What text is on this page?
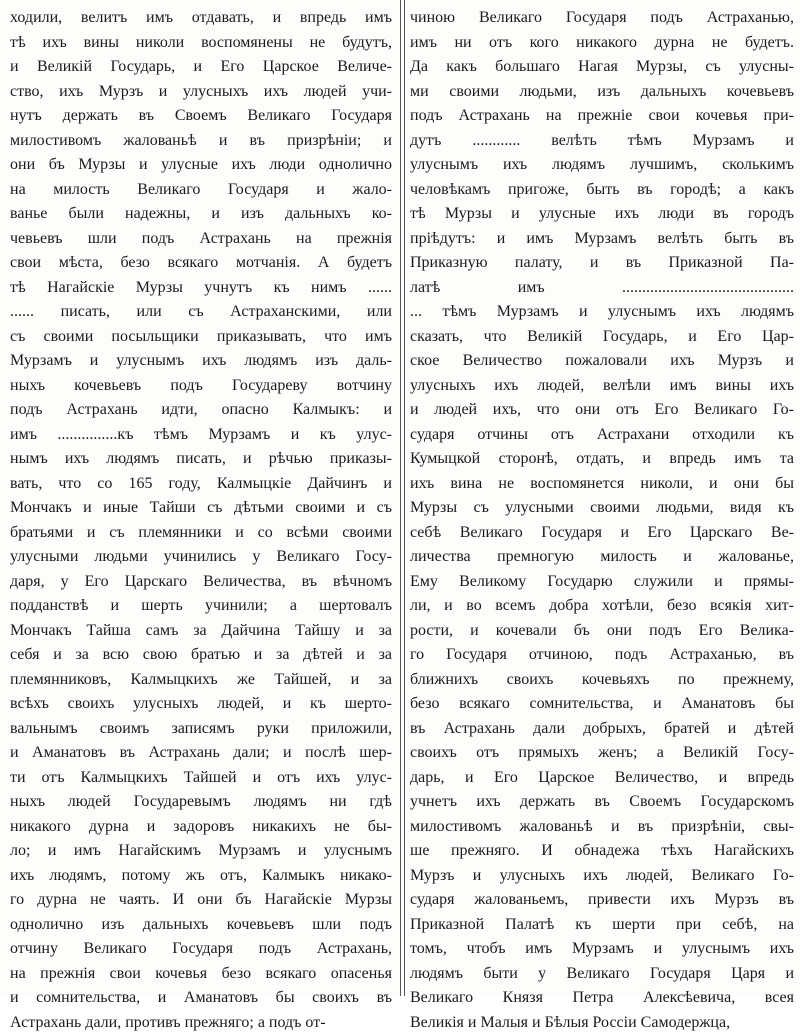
ходили, велитъ имъ отдавать, и впредь имъ
тѣ ихъ вины николи воспомянены не будутъ,
и Великій Государь, и Его Царское Величе-
ство, ихъ Мурзъ и улусныхъ ихъ людей учи-
нутъ держать въ Своемъ Великаго Государя
милостивомъ жалованьѣ и въ призрѣніи; и
они бъ Мурзы и улусные ихъ люди одноличнo
на милость Великаго Государя и жало-
ванье были надежны, и изъ дальныхъ ко-
чевьевъ шли подъ Астрахань на прежнія
свои мѣста, безо всякаго мотчанія. А будетъ
тѣ Нагайскіе Мурзы учнутъ къ нимъ ......
...... писать, или съ Астраханскими, или
съ своими посыльщики приказывать, что имъ
Мурзамъ и улуснымъ ихъ людямъ изъ даль-
ныхъ кочевьевъ подъ Государеву вотчину
подъ Астрахань идти, опасно Калмыкъ: и
имъ ...............къ тѣмъ Мурзамъ и къ улус-
нымъ ихъ людямъ писать, и рѣчью приказы-
вать, что со 165 году, Калмыцкіе Дайчинъ и
Мончакъ и иные Тайши съ дѣтьми своими и съ
братьями и съ племянники и со всѣми своими
улусными людьми учинились у Великаго Госу-
даря, у Его Царскаго Величества, въ вѣчномъ
подданствѣ и шерть учинили; а шертовалъ
Мончакъ Тайша самъ за Дайчина Тайшу и за
себя и за всю свою братью и за дѣтей и за
племянниковъ, Калмыцкихъ же Тайшей, и за
всѣхъ своихъ улусныхъ людей, и къ шерто-
вальнымъ своимъ записямъ руки приложили,
и Аманатовъ въ Астрахань дали; и послѣ шер-
ти отъ Калмыцкихъ Тайшей и отъ ихъ улус-
ныхъ людей Государевымъ людямъ ни гдѣ
никакого дурна и задоровъ никакихъ не бы-
ло; и имъ Нагайскимъ Мурзамъ и улуснымъ
ихъ людямъ, потому жъ отъ, Калмыкъ никако-
го дурна не чаять. И они бъ Нагайскіе Мурзы
одноличнo изъ дальныхъ кочевьевъ шли подъ
отчину Великаго Государя подъ Астрахань,
на прежнія свои кочевья безо всякаго опасенья
и сомнительства, и Аманатовъ бы своихъ въ
Астрахань дали, противъ прежняго; а подъ от-
чиною Великаго Государя подъ Астраханью,
имъ ни отъ кого никакого дурна не будетъ.
Да какъ большаго Нагая Мурзы, съ улусны-
ми своими людьми, изъ дальныхъ кочевьевъ
подъ Астрахань на прежніе свои кочевья при-
дутъ ............ велѣть тѣмъ Мурзамъ и
улуснымъ ихъ людямъ лучшимъ, сколькимъ
человѣкамъ пригоже, быть въ городѣ; а какъ
тѣ Мурзы и улусные ихъ люди въ городъ
пріѣдутъ: и имъ Мурзамъ велѣть быть въ
Приказную палату, и въ Приказной Па-
латѣ имъ ...........................................
... тѣмъ Мурзамъ и улуснымъ ихъ людямъ
сказать, что Великій Государь, и Его Цар-
ское Величество пожаловали ихъ Мурзъ и
улусныхъ ихъ людей, велѣли имъ вины ихъ
и людей ихъ, что они отъ Его Великаго Го-
сударя отчины отъ Астрахани отходили къ
Кумыцкой сторонѣ, отдать, и впредь имъ та
ихъ вина не воспомянется николи, и они бы
Мурзы съ улусными своими людьми, видя къ
себѣ Великаго Государя и Его Царскаго Ве-
личества премногую милость и жалованье,
Ему Великому Государю служили и прямы-
ли, и во всемъ добра хотѣли, безо всякія хит-
рости, и кочевали бъ они подъ Его Велика-
го Государя отчиною, подъ Астраханью, въ
ближнихъ своихъ кочевьяхъ по прежнему,
безо всякаго сомнительства, и Аманатовъ бы
въ Астрахань дали добрыхъ, братей и дѣтей
своихъ отъ прямыхъ женъ; а Великій Госу-
дарь, и Его Царское Величество, и впредь
учнетъ ихъ держать въ Своемъ Государскомъ
милостивомъ жалованьѣ и въ призрѣніи, свы-
ше прежняго. И обнадежа тѣхъ Нагайскихъ
Мурзъ и улусныхъ ихъ людей, Великаго Го-
сударя жалованьемъ, привести ихъ Мурзъ въ
Приказной Палатѣ къ шерти при себѣ, на
томъ, чтобъ имъ Мурзамъ и улуснымъ ихъ
людямъ быти у Великаго Государя Царя и
Великаго Князя Петра Алексѣевича, всея
Великія и Малыя и Бѣлыя Россіи Самодержца,
